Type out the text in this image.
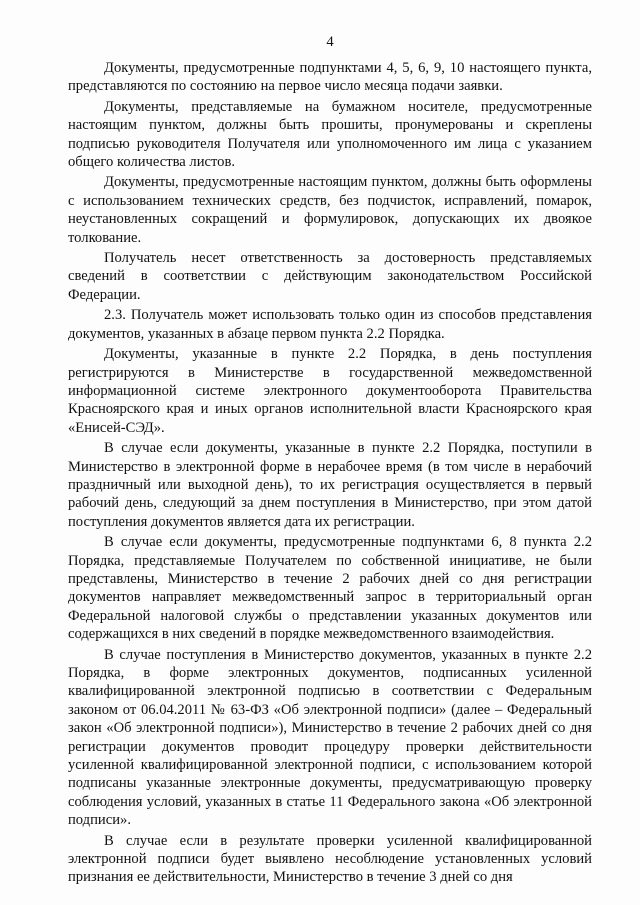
4

Документы, предусмотренные подпунктами 4, 5, 6, 9, 10 настоящего пункта, представляются по состоянию на первое число месяца подачи заявки.

Документы, представляемые на бумажном носителе, предусмотренные настоящим пунктом, должны быть прошиты, пронумерованы и скреплены подписью руководителя Получателя или уполномоченного им лица с указанием общего количества листов.

Документы, предусмотренные настоящим пунктом, должны быть оформлены с использованием технических средств, без подчисток, исправлений, помарок, неустановленных сокращений и формулировок, допускающих их двоякое толкование.

Получатель несет ответственность за достоверность представляемых сведений в соответствии с действующим законодательством Российской Федерации.

2.3. Получатель может использовать только один из способов представления документов, указанных в абзаце первом пункта 2.2 Порядка.

Документы, указанные в пункте 2.2 Порядка, в день поступления регистрируются в Министерстве в государственной межведомственной информационной системе электронного документооборота Правительства Красноярского края и иных органов исполнительной власти Красноярского края «Енисей-СЭД».

В случае если документы, указанные в пункте 2.2 Порядка, поступили в Министерство в электронной форме в нерабочее время (в том числе в нерабочий праздничный или выходной день), то их регистрация осуществляется в первый рабочий день, следующий за днем поступления в Министерство, при этом датой поступления документов является дата их регистрации.

В случае если документы, предусмотренные подпунктами 6, 8 пункта 2.2 Порядка, представляемые Получателем по собственной инициативе, не были представлены, Министерство в течение 2 рабочих дней со дня регистрации документов направляет межведомственный запрос в территориальный орган Федеральной налоговой службы о представлении указанных документов или содержащихся в них сведений в порядке межведомственного взаимодействия.

В случае поступления в Министерство документов, указанных в пункте 2.2 Порядка, в форме электронных документов, подписанных усиленной квалифицированной электронной подписью в соответствии с Федеральным законом от 06.04.2011 № 63-ФЗ «Об электронной подписи» (далее – Федеральный закон «Об электронной подписи»), Министерство в течение 2 рабочих дней со дня регистрации документов проводит процедуру проверки действительности усиленной квалифицированной электронной подписи, с использованием которой подписаны указанные электронные документы, предусматривающую проверку соблюдения условий, указанных в статье 11 Федерального закона «Об электронной подписи».

В случае если в результате проверки усиленной квалифицированной электронной подписи будет выявлено несоблюдение установленных условий признания ее действительности, Министерство в течение 3 дней со дня
